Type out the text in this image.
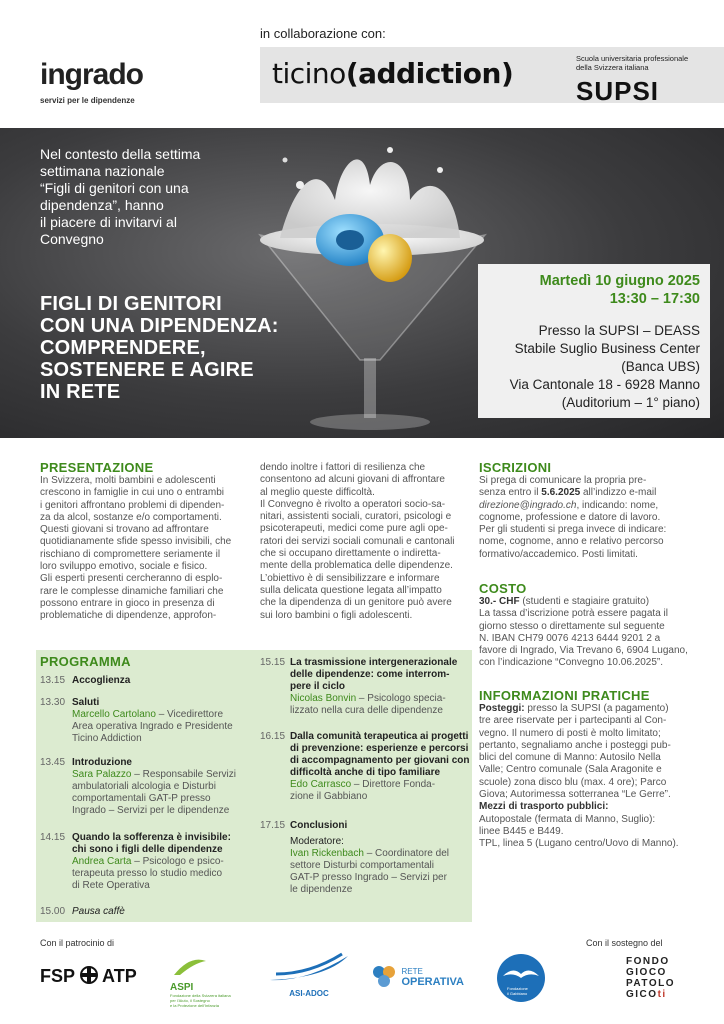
ingrado
servizi per le dipendenze
in collaborazione con:
ticino(addiction)	Scuola universitaria professionale
della Svizzera italiana
SUPSI
Nel contesto della settima
settimana nazionale
“Figli di genitori con una
dipendenza”, hanno
il piacere di invitarvi al
Convegno
FIGLI DI GENITORI
CON UNA DIPENDENZA:
COMPRENDERE,
SOSTENERE E AGIRE
IN RETE
Martedì 10 giugno 2025
13:30 – 17:30
Presso la SUPSI – DEASS
Stabile Suglio Business Center
(Banca UBS)
Via Cantonale 18 - 6928 Manno
(Auditorium – 1° piano)
PRESENTAZIONE
In Svizzera, molti bambini e adolescenti
crescono in famiglie in cui uno o entrambi
i genitori affrontano problemi di dipenden-
za da alcol, sostanze e/o comportamenti.
Questi giovani si trovano ad affrontare
quotidianamente sfide spesso invisibili, che
rischiano di compromettere seriamente il
loro sviluppo emotivo, sociale e fisico.
Gli esperti presenti cercheranno di esplo-
rare le complesse dinamiche familiari che
possono entrare in gioco in presenza di
problematiche di dipendenze, approfon-
dendo inoltre i fattori di resilienza che
consentono ad alcuni giovani di affrontare
al meglio queste difficoltà.
Il Convegno è rivolto a operatori socio-sa-
nitari, assistenti sociali, curatori, psicologi e
psicoterapeuti, medici come pure agli ope-
ratori dei servizi sociali comunali e cantonali
che si occupano direttamente o indiretta-
mente della problematica delle dipendenze.
L’obiettivo è di sensibilizzare e informare
sulla delicata questione legata all’impatto
che la dipendenza di un genitore può avere
sui loro bambini o figli adolescenti.
ISCRIZIONI
Si prega di comunicare la propria pre-
senza entro il 5.6.2025 all’indizzo e-mail
direzione@ingrado.ch, indicando: nome,
cognome, professione e datore di lavoro.
Per gli studenti si prega invece di indicare:
nome, cognome, anno e relativo percorso
formativo/accademico. Posti limitati.
COSTO
30.- CHF (studenti e stagiaire gratuito)
La tassa d’iscrizione potrà essere pagata il
giorno stesso o direttamente sul seguente
N. IBAN CH79 0076 4213 6444 9201 2 a
favore di Ingrado, Via Trevano 6, 6904 Lugano,
con l’indicazione “Convegno 10.06.2025”.
INFORMAZIONI PRATICHE
Posteggi: presso la SUPSI (a pagamento)
tre aree riservate per i partecipanti al Con-
vegno. Il numero di posti è molto limitato;
pertanto, segnaliamo anche i posteggi pub-
blici del comune di Manno: Autosilo Nella
Valle; Centro comunale (Sala Aragonite e
scuole) zona disco blu (max. 4 ore); Parco
Giova; Autorimessa sotterranea “Le Gerre”.
Mezzi di trasporto pubblici:
Autopostale (fermata di Manno, Suglio):
linee B445 e B449.
TPL, linea 5 (Lugano centro/Uovo di Manno).
PROGRAMMA
13.15 Accoglienza
13.30 Saluti
Marcello Cartolano – Vicedirettore
Area operativa Ingrado e Presidente
Ticino Addiction
13.45 Introduzione
Sara Palazzo – Responsabile Servizi
ambulatoriali alcologia e Disturbi
comportamentali GAT-P presso
Ingrado – Servizi per le dipendenze
14.15 Quando la sofferenza è invisibile:
chi sono i figli delle dipendenze
Andrea Carta – Psicologo e psico-
terapeuta presso lo studio medico
di Rete Operativa
15.00 Pausa caffè
15.15 La trasmissione intergenerazionale
delle dipendenze: come interrom-
pere il ciclo
Nicolas Bonvin – Psicologo specia-
lizzato nella cura delle dipendenze
16.15 Dalla comunità terapeutica ai progetti
di prevenzione: esperienze e percorsi
di accompagnamento per giovani con
difficoltà anche di tipo familiare
Edo Carrasco – Direttore Fonda-
zione il Gabbiano
17.15 Conclusioni
Moderatore:
Ivan Rickenbach – Coordinatore del
settore Disturbi comportamentali
GAT-P presso Ingrado – Servizi per
le dipendenze
Con il patrocinio di	Con il sostegno del
FSP ATP
ASPI
Fondazione della Svizzera italiana
per l’Aiuto, il Sostegno
e la Protezione dell’Infanzia
ASI-ADOC

RETE
OPERATIVA
Fondazione
il Gabbiano
FONDO
GIOCO
PATOLO
GICOti
